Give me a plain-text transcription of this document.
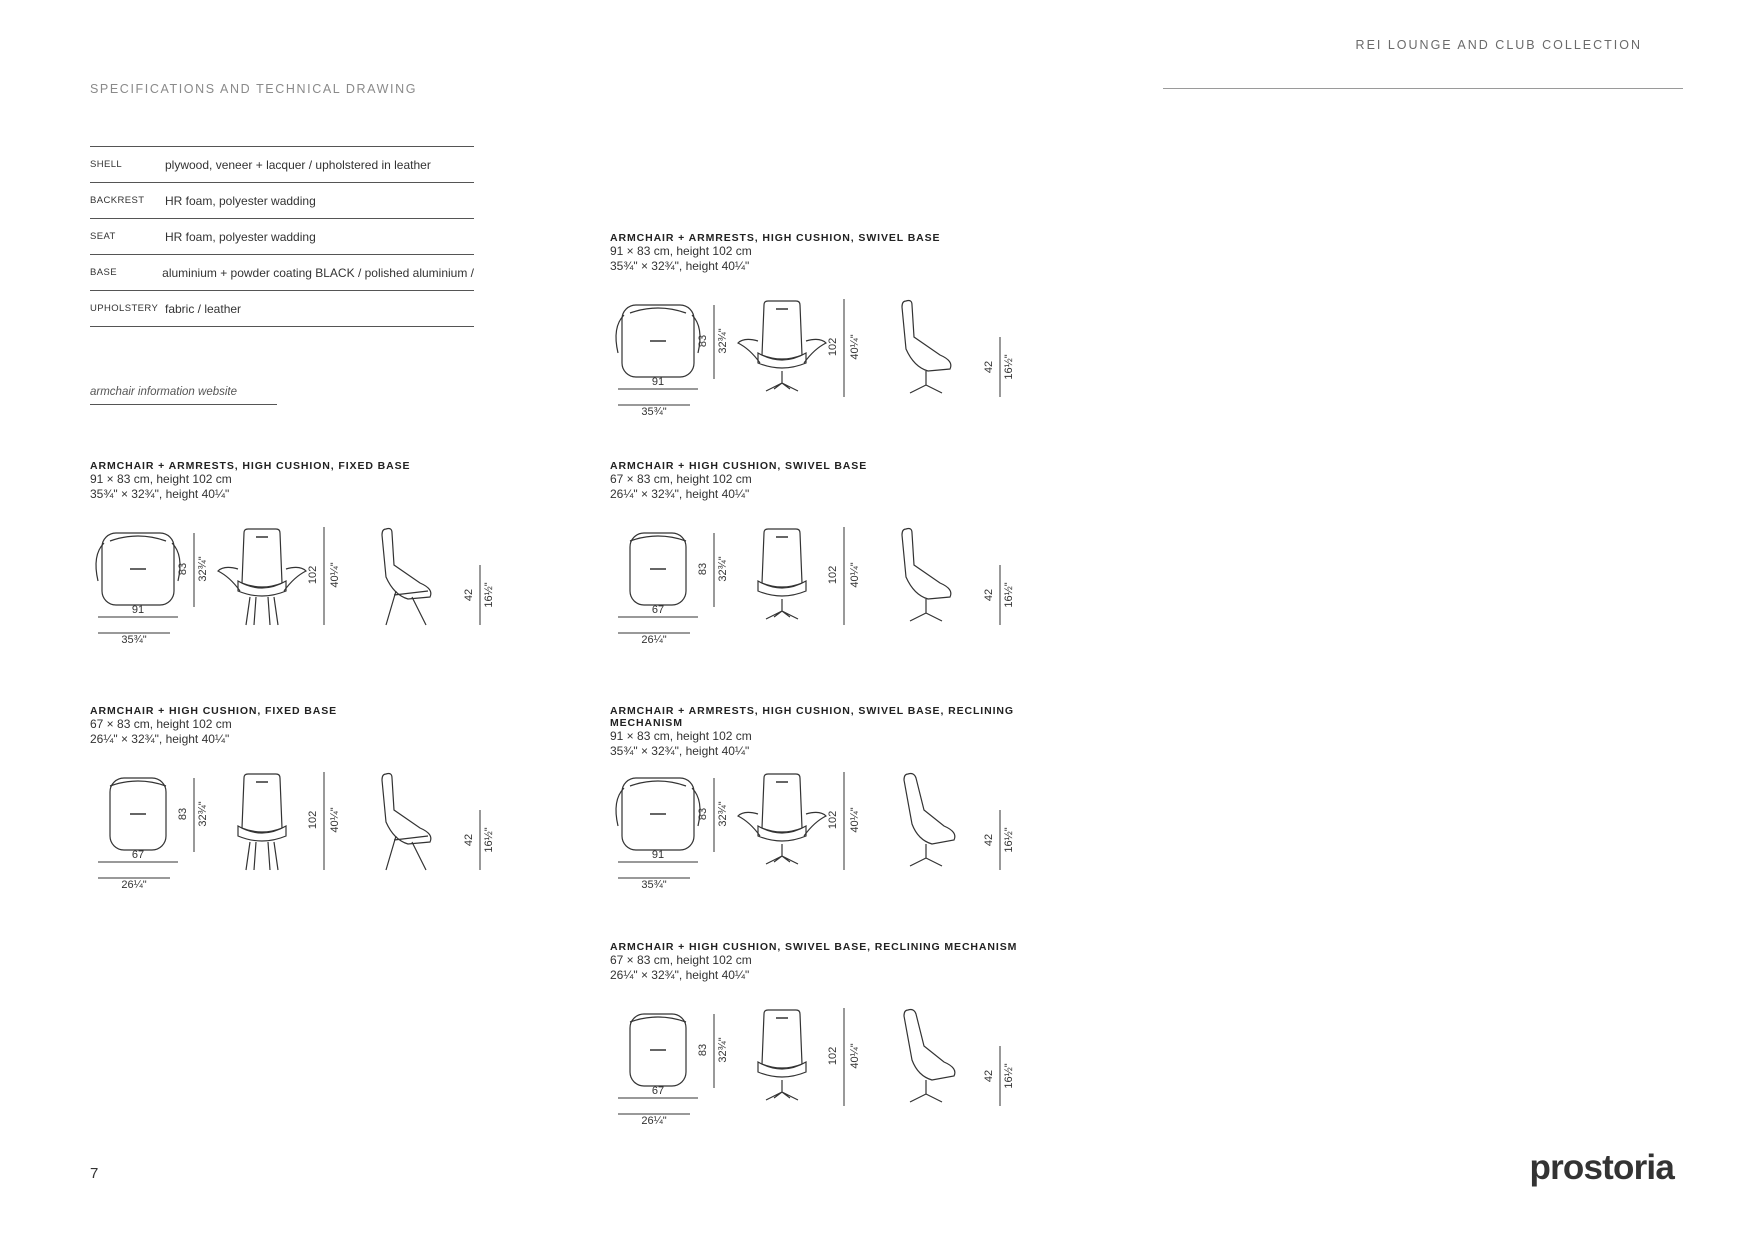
REI LOUNGE AND CLUB COLLECTION
SPECIFICATIONS AND TECHNICAL DRAWING
SHELL	plywood, veneer + lacquer / upholstered in leather
BACKREST	HR foam, polyester wadding
SEAT	HR foam, polyester wadding
BASE	aluminium + powder coating BLACK / polished aluminium /
UPHOLSTERY fabric / leather
armchair information website
ARMCHAIR + ARMRESTS, HIGH CUSHION, SWIVEL BASE
91 × 83 cm, height 102 cm
35¾" × 32¾", height 40¼"
91
35¾"
83 32¾"	102 40¼"
42 16½"
ARMCHAIR + ARMRESTS, HIGH CUSHION, FIXED BASE
91 × 83 cm, height 102 cm
35¾" × 32¾", height 40¼"
91
35¾"
83 32¾"	102 40¼"
42 16½"
ARMCHAIR + HIGH CUSHION, SWIVEL BASE
67 × 83 cm, height 102 cm
26¼" × 32¾", height 40¼"
67
26¼"
83 32¾"	102 40¼"
42 16½"
ARMCHAIR + HIGH CUSHION, FIXED BASE
67 × 83 cm, height 102 cm
26¼" × 32¾", height 40¼"
67
26¼"
83 32¾"	102 40¼"
42 16½"
ARMCHAIR + ARMRESTS, HIGH CUSHION, SWIVEL BASE, RECLINING MECHANISM
91 × 83 cm, height 102 cm
35¾" × 32¾", height 40¼"
91
35¾"
83 32¾"	102 40¼"
42 16½"
ARMCHAIR + HIGH CUSHION, SWIVEL BASE, RECLINING MECHANISM
67 × 83 cm, height 102 cm
26¼" × 32¾", height 40¼"
67
26¼"
83 32¾"	102 40¼"
42 16½"
7	prostoria
